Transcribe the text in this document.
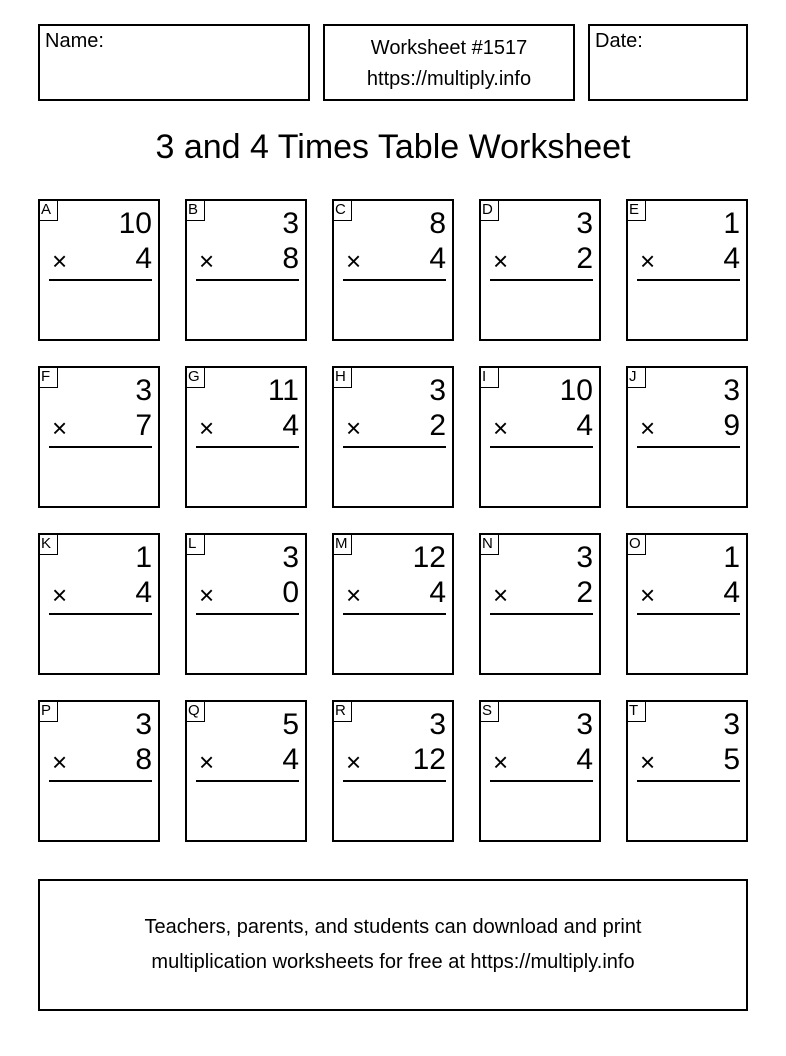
Name:	Worksheet #1517
https://multiply.info
Date:
3 and 4 Times Table Worksheet
A 10
× 4
B	3
× 8
C	8
× 4
D	3
× 2
E	1
× 4
F	3
× 7
G 11
× 4
H	3
× 2
I	10
× 4
J	3
× 9
K	1
× 4
L	3
× 0
M 12
× 4
N	3
× 2
O	1
× 4
P	3
× 8
Q	5
× 4
R	3
× 12
S	3
× 4
T	3
× 5
Teachers, parents, and students can download and print
multiplication worksheets for free at https://multiply.info
